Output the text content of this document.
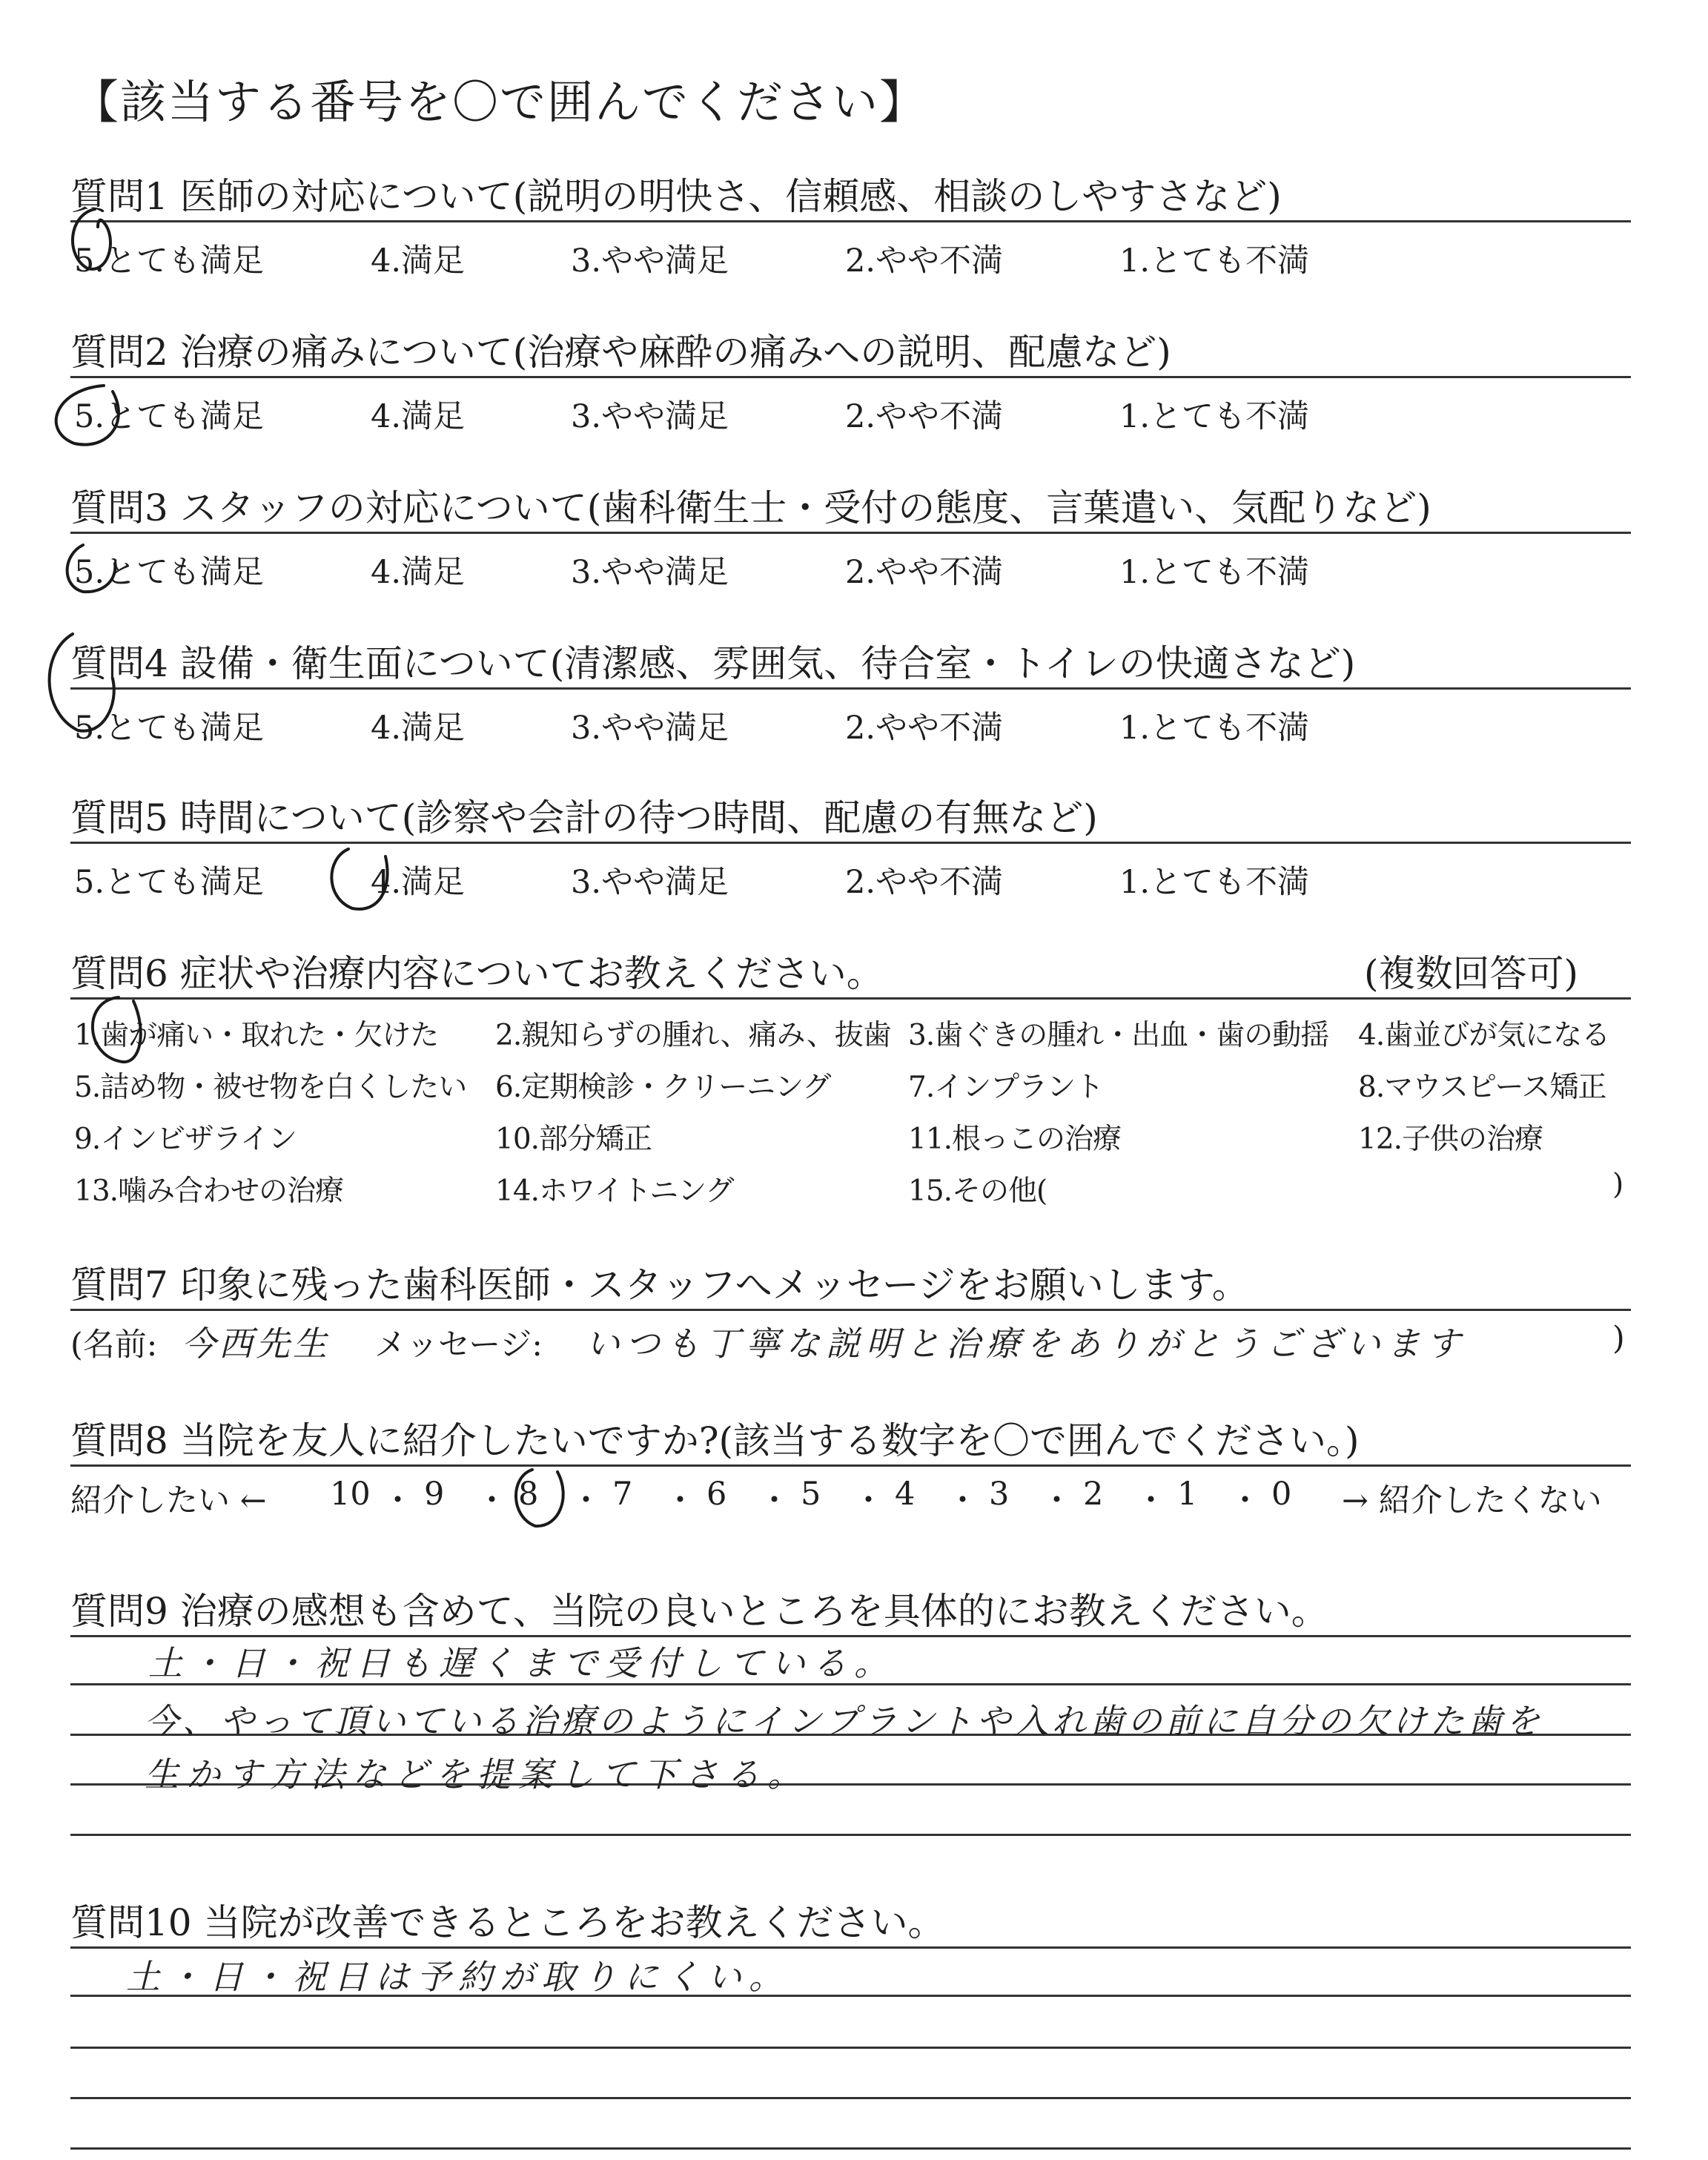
【該当する番号を〇で囲んでください】
質問1 医師の対応について(説明の明快さ、信頼感、相談のしやすさなど)
質問2 治療の痛みについて(治療や麻酔の痛みへの説明、配慮など)
質問3 スタッフの対応について(歯科衛生士・受付の態度、言葉遣い、気配りなど)
質問4 設備・衛生面について(清潔感、雰囲気、待合室・トイレの快適さなど)
質問5 時間について(診察や会計の待つ時間、配慮の有無など)
5.とても満足	4.満足	3.やや満足	2.やや不満	1.とても不満
5.とても満足	4.満足	3.やや満足	2.やや不満	1.とても不満
5.とても満足	4.満足	3.やや満足	2.やや不満	1.とても不満
5.とても満足	4.満足	3.やや満足	2.やや不満	1.とても不満
5.とても満足	4.満足	3.やや満足	2.やや不満	1.とても不満
質問6 症状や治療内容についてお教えください。	(複数回答可)
1.歯が痛い・取れた・欠けた 2.親知らずの腫れ、痛み、抜歯 3.歯ぐきの腫れ・出血・歯の動揺 4.歯並びが気になる
5.詰め物・被せ物を白くしたい 6.定期検診・クリーニング	7.インプラント	8.マウスピース矯正
9.インビザライン	10.部分矯正	11.根っこの治療	12.子供の治療
13.噛み合わせの治療	14.ホワイトニング	15.その他(	)
質問7 印象に残った歯科医師・スタッフへメッセージをお願いします。
(名前: 今西先生 メッセージ: いつも丁寧な説明と治療をありがとうございます	)
質問8 当院を友人に紹介したいですか?(該当する数字を〇で囲んでください。)
紹介したい ←	→ 紹介したくない
10 ・ 9 ・ 8 ・ 7 ・ 6 ・ 5 ・ 4 ・ 3 ・ 2 ・ 1 ・ 0
質問9 治療の感想も含めて、当院の良いところを具体的にお教えください。
土・日・祝日も遅くまで受付している。
今、やって頂いている治療のようにインプラントや入れ歯の前に自分の欠けた歯を
生かす方法などを提案して下さる。
質問10 当院が改善できるところをお教えください。
土・日・祝日は予約が取りにくい。
